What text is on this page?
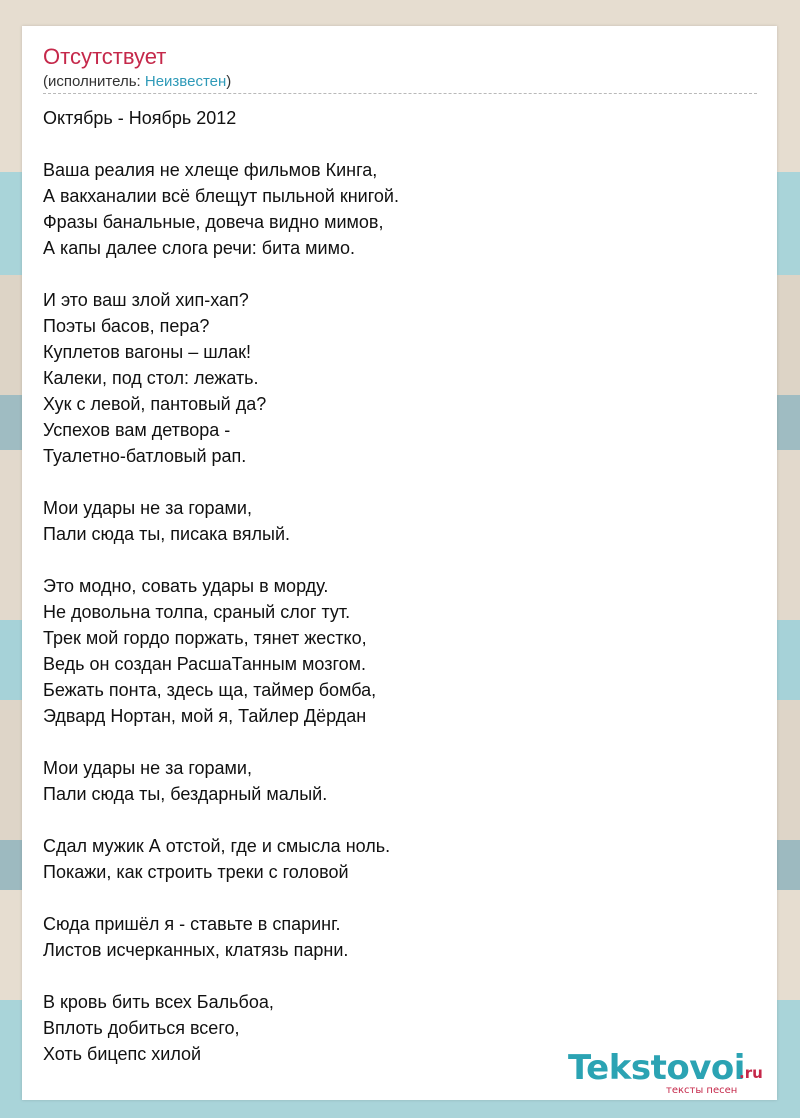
Отсутствует
(исполнитель: Неизвестен)
Октябрь - Ноябрь 2012

Ваша реалия не хлеще фильмов Кинга,
А вакханалии всё блещут пыльной книгой.
Фразы банальные, довеча видно мимов,
А капы далее слога речи: бита мимо.

И это ваш злой хип-хап?
Поэты басов, пера?
Куплетов вагоны – шлак!
Калеки, под стол: лежать.
Хук с левой, пантовый да?
Успехов вам детвора -
Туалетно-батловый рап.

Мои удары не за горами,
Пали сюда ты, писака вялый.

Это модно, совать удары в морду.
Не довольна толпа, сраный слог тут.
Трек мой гордо поржать, тянет жестко,
Ведь он создан РасшаТанным мозгом.
Бежать понта, здесь ща, таймер бомба,
Эдвард Нортан, мой я, Тайлер Дёрдан

Мои удары не за горами,
Пали сюда ты, бездарный малый.

Сдал мужик А отстой, где и смысла ноль.
Покажи, как строить треки с головой

Сюда пришёл я - ставьте в спаринг.
Листов исчерканных, клатязь парни.

В кровь бить всех Бальбоа,
Вплоть добиться всего,
Хоть бицепс хилой	Tekstovoi
.ru
тексты песен
